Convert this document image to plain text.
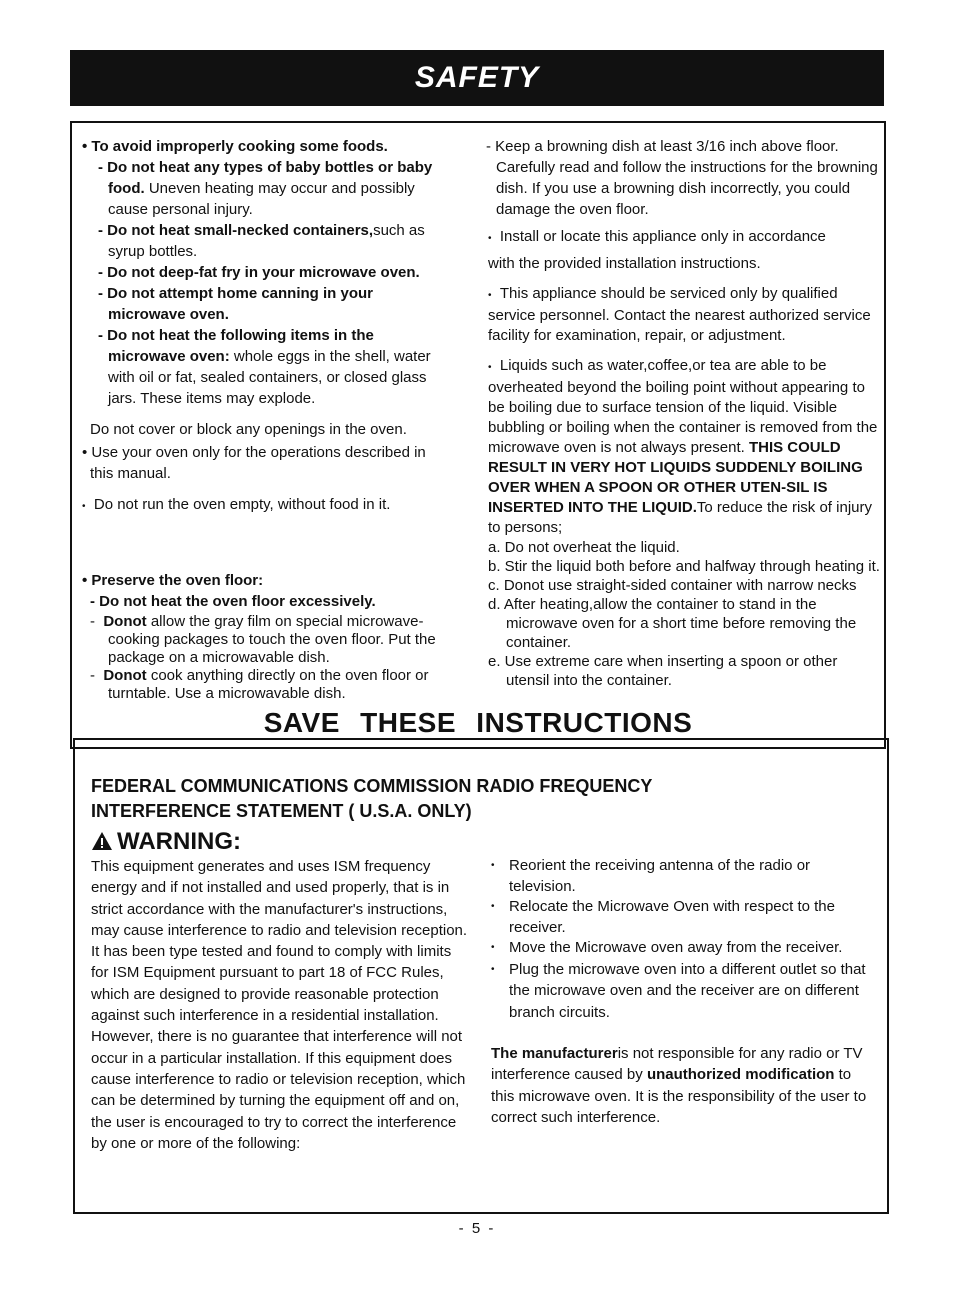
SAFETY

• To avoid improperly cooking some foods.

- Do not heat any types of baby bottles or baby

food. Uneven heating may occur and possibly

cause personal injury.

- Do not heat small-necked containers,such as

syrup bottles.

- Do not deep-fat fry in your microwave oven.

- Do not attempt home canning in your

microwave oven.

- Do not heat the following items in the

microwave oven: whole eggs in the shell, water

with oil or fat, sealed containers, or closed glass

jars. These items may explode.

Do not cover or block any openings in the oven.

• Use your oven only for the operations described in

this manual.

• Do not run the oven empty, without food in it.

• Preserve the oven floor:

- Do not heat the oven floor excessively.

- Donot allow the gray film on special microwave-cooking packages to touch the oven floor. Put the package on a microwavable dish.

- Donot cook anything directly on the oven floor or turntable. Use a microwavable dish.

- Keep a browning dish at least 3/16 inch above floor. Carefully read and follow the instructions for the browning dish. If you use a browning dish incorrectly, you could damage the oven floor.

• Install or locate this appliance only in accordance

with the provided installation instructions.

• This appliance should be serviced only by qualified service personnel. Contact the nearest authorized service facility for examination, repair, or adjustment.

• Liquids such as water,coffee,or tea are able to be overheated beyond the boiling point without appearing to be boiling due to surface tension of the liquid. Visible bubbling or boiling when the container is removed from the microwave oven is not always present. THIS COULD RESULT IN VERY HOT LIQUIDS SUDDENLY BOILING OVER WHEN A SPOON OR OTHER UTEN-SIL IS INSERTED INTO THE LIQUID.To reduce the risk of injury to persons;

a. Do not overheat the liquid.

b. Stir the liquid both before and halfway through heating it.

c. Donot use straight-sided container with narrow necks

d. After heating,allow the container to stand in the microwave oven for a short time before removing the container.

e. Use extreme care when inserting a spoon or other utensil into the container.

SAVE THESE INSTRUCTIONS
FEDERAL COMMUNICATIONS COMMISSION RADIO FREQUENCY
INTERFERENCE STATEMENT ( U.S.A. ONLY)
WARNING:

This equipment generates and uses ISM frequency energy and if not installed and used properly, that is in strict accordance with the manufacturer's instructions, may cause interference to radio and television reception. It has been type tested and found to comply with limits for ISM Equipment pursuant to part 18 of FCC Rules, which are designed to provide reasonable protection against such interference in a residential installation. However, there is no guarantee that interference will not occur in a particular installation. If this equipment does cause interference to radio or television reception, which can be determined by turning the equipment off and on, the user is encouraged to try to correct the interference by one or more of the following:

• Reorient the receiving antenna of the radio or television.

• Relocate the Microwave Oven with respect to the receiver.

• Move the Microwave oven away from the receiver.

• Plug the microwave oven into a different outlet so that the microwave oven and the receiver are on different branch circuits.

The manufactureris not responsible for any radio or TV interference caused by unauthorized modification to this microwave oven. It is the responsibility of the user to correct such interference.

- 5 -
